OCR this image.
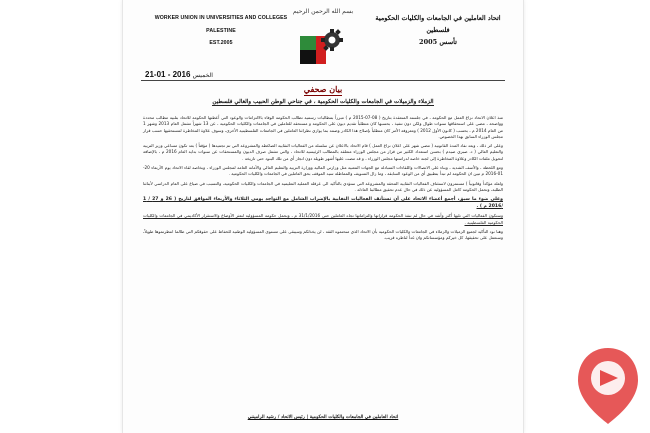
WORKER UNION IN UNIVERSITIES AND COLLEGES
PALESTINE
EST.2005
بسم الله الرحمن الرحيم
اتحاد العاملين في الجامعات والكليات الحكومية
فلسطين
تأسس 2005
الخميس 2016 - 01-21
بيان صحفي
الزملاء والزميلات في الجامعات والكليات الحكومية ، في جناحي الوطن الحبيب والغالي فلسطين

منذ اعلان الاتحاد نزاع العمل مع الحكومة ، في جلسته المنعقدة بتاريخ ( 08-07-2015 م ) مبرزاً بمطالبات رسمية تطالب الحكومة الوفاء بالالتزامات والوعود التي أعطتها الحكومة للاتحاد بتلبية مطالب محددة وواضحة ، مضى على استحقاقها سنوات طوال ولكن دون تنفيذ ، بحسبها كان متطلباً تقديم ديون على الحكومة و مستحقة للعاملين في الجامعات والكليات الحكومية ، عن 13 شهراً تشمل العام 2013 وشهر 1 من العام 2014 م ، بحسب ( كانون الأول 2012 ) ومعروفة الأمر كان متطلباً بإصلاح هذا الكادر وضمه بما يوازي نظرائنا العاملين في الجامعات الفلسطينية الأخرى، وسوف علاوة المخاطرة لمستحقيها حسب قرار مجلس الوزراء السابق بهذا الخصوص.

وعلى اثر ذلك ، وبعد نفاد المدة القانونية ( مضي شهر على اعلان نزاع العمل ) قام الاتحاد بالاعلان عن سلسلة من الفعاليات النقابية الضاغطة والمشروعة التي تم تجميدها ( مؤقتاً ) بعد تكون مساعي وزير التربية والتعليم العالي ( د. صبري صيدم ) بحسن استعداد الكثير من قرار من مجلس الوزراء متعلقة بالمطالب الرئيسية للاتحاد ، والتي تشمل صرف الديون والمستحقات عن سنوات بداية العام 2016 م ، بالإضافة لتحويل ملفات الكادر وعلاوة المخاطرة إلى لجنة خاصة لدراستها مجلس الوزراء ، و قد مضت عليها أشهر طويلة دون انجاز أي من تلك البنود حتى تاريخه .

ومع اللحظة ، والأسف الشديد ، وبناء على الاتصالات واللقاءات المتبادلة مع الجهات المعنية مثل وزارتي المالية ووزارة التربية والتعليم العالي والأمانة العامة لمجلس الوزراء ، وبخاصة لقاء الاتحاد يوم الأربعاء 20-01-2016 م تبين ان الحكومة لم تبدأ بتطبيق أي من الوعود السابقة ، وما زال التسويف والمماطلة سيد الموقف بحق العاملين في الجامعات والكليات الحكومية .

ولعله مؤكداً وقانونياً ) مستمرون لاستئناف الفعاليات النقابية المحقة والمشروعة التي ستؤدي بالتأكيد الى عرقلة العملية التعليمية في الجامعات والكليات الحكومية، والتسبب في ضياع على العام الدراسي لأبنائنا الطلبة، وتحمل الحكومة كامل المسؤولية عن ذلك في حال عدم تحقيق مطالبنا العادلة .

وعلى ضوء ما سبق، أجمع أعضاء الاتحاد على أن تستأنف الفعاليات النقابية بالإضراب الشامل مع التواجد يومي الثلاثاء والأربعاء الموافق لتاريخ ( 26 و 27 / 1 /2016 م ) .

وستكون الفعاليات التي تليها أكثر وأشد في حال لم تنفذ الحكومة قراراتها والتزاماتها تجاه العاملين حتى 31/1/2016 م ، ونحمل حكومة المسؤولية لتعثر الأوضاع والاستقرار الأكاديمي في الجامعات والكليات الحكومية الفلسطينية .

وهنا نود التأكيد لجميع الزميلات والزملاء في الجامعات والكليات الحكومية بأن الاتحاد الذي منحتموه الثقة ، لن يخذلكم وسيبقى على مستوى المسؤولية الوطنية للحفاظ على حقوقكم التي طالما انتظرتموها طويلاً، وسنعمل على تحقيقها، كل خيركم ومؤسساتكم وان غداً لناظره قريب.

اتحاد العاملين في الجامعات والكليات الحكومية | رئيس الاتحاد / رشيد الرامينني
